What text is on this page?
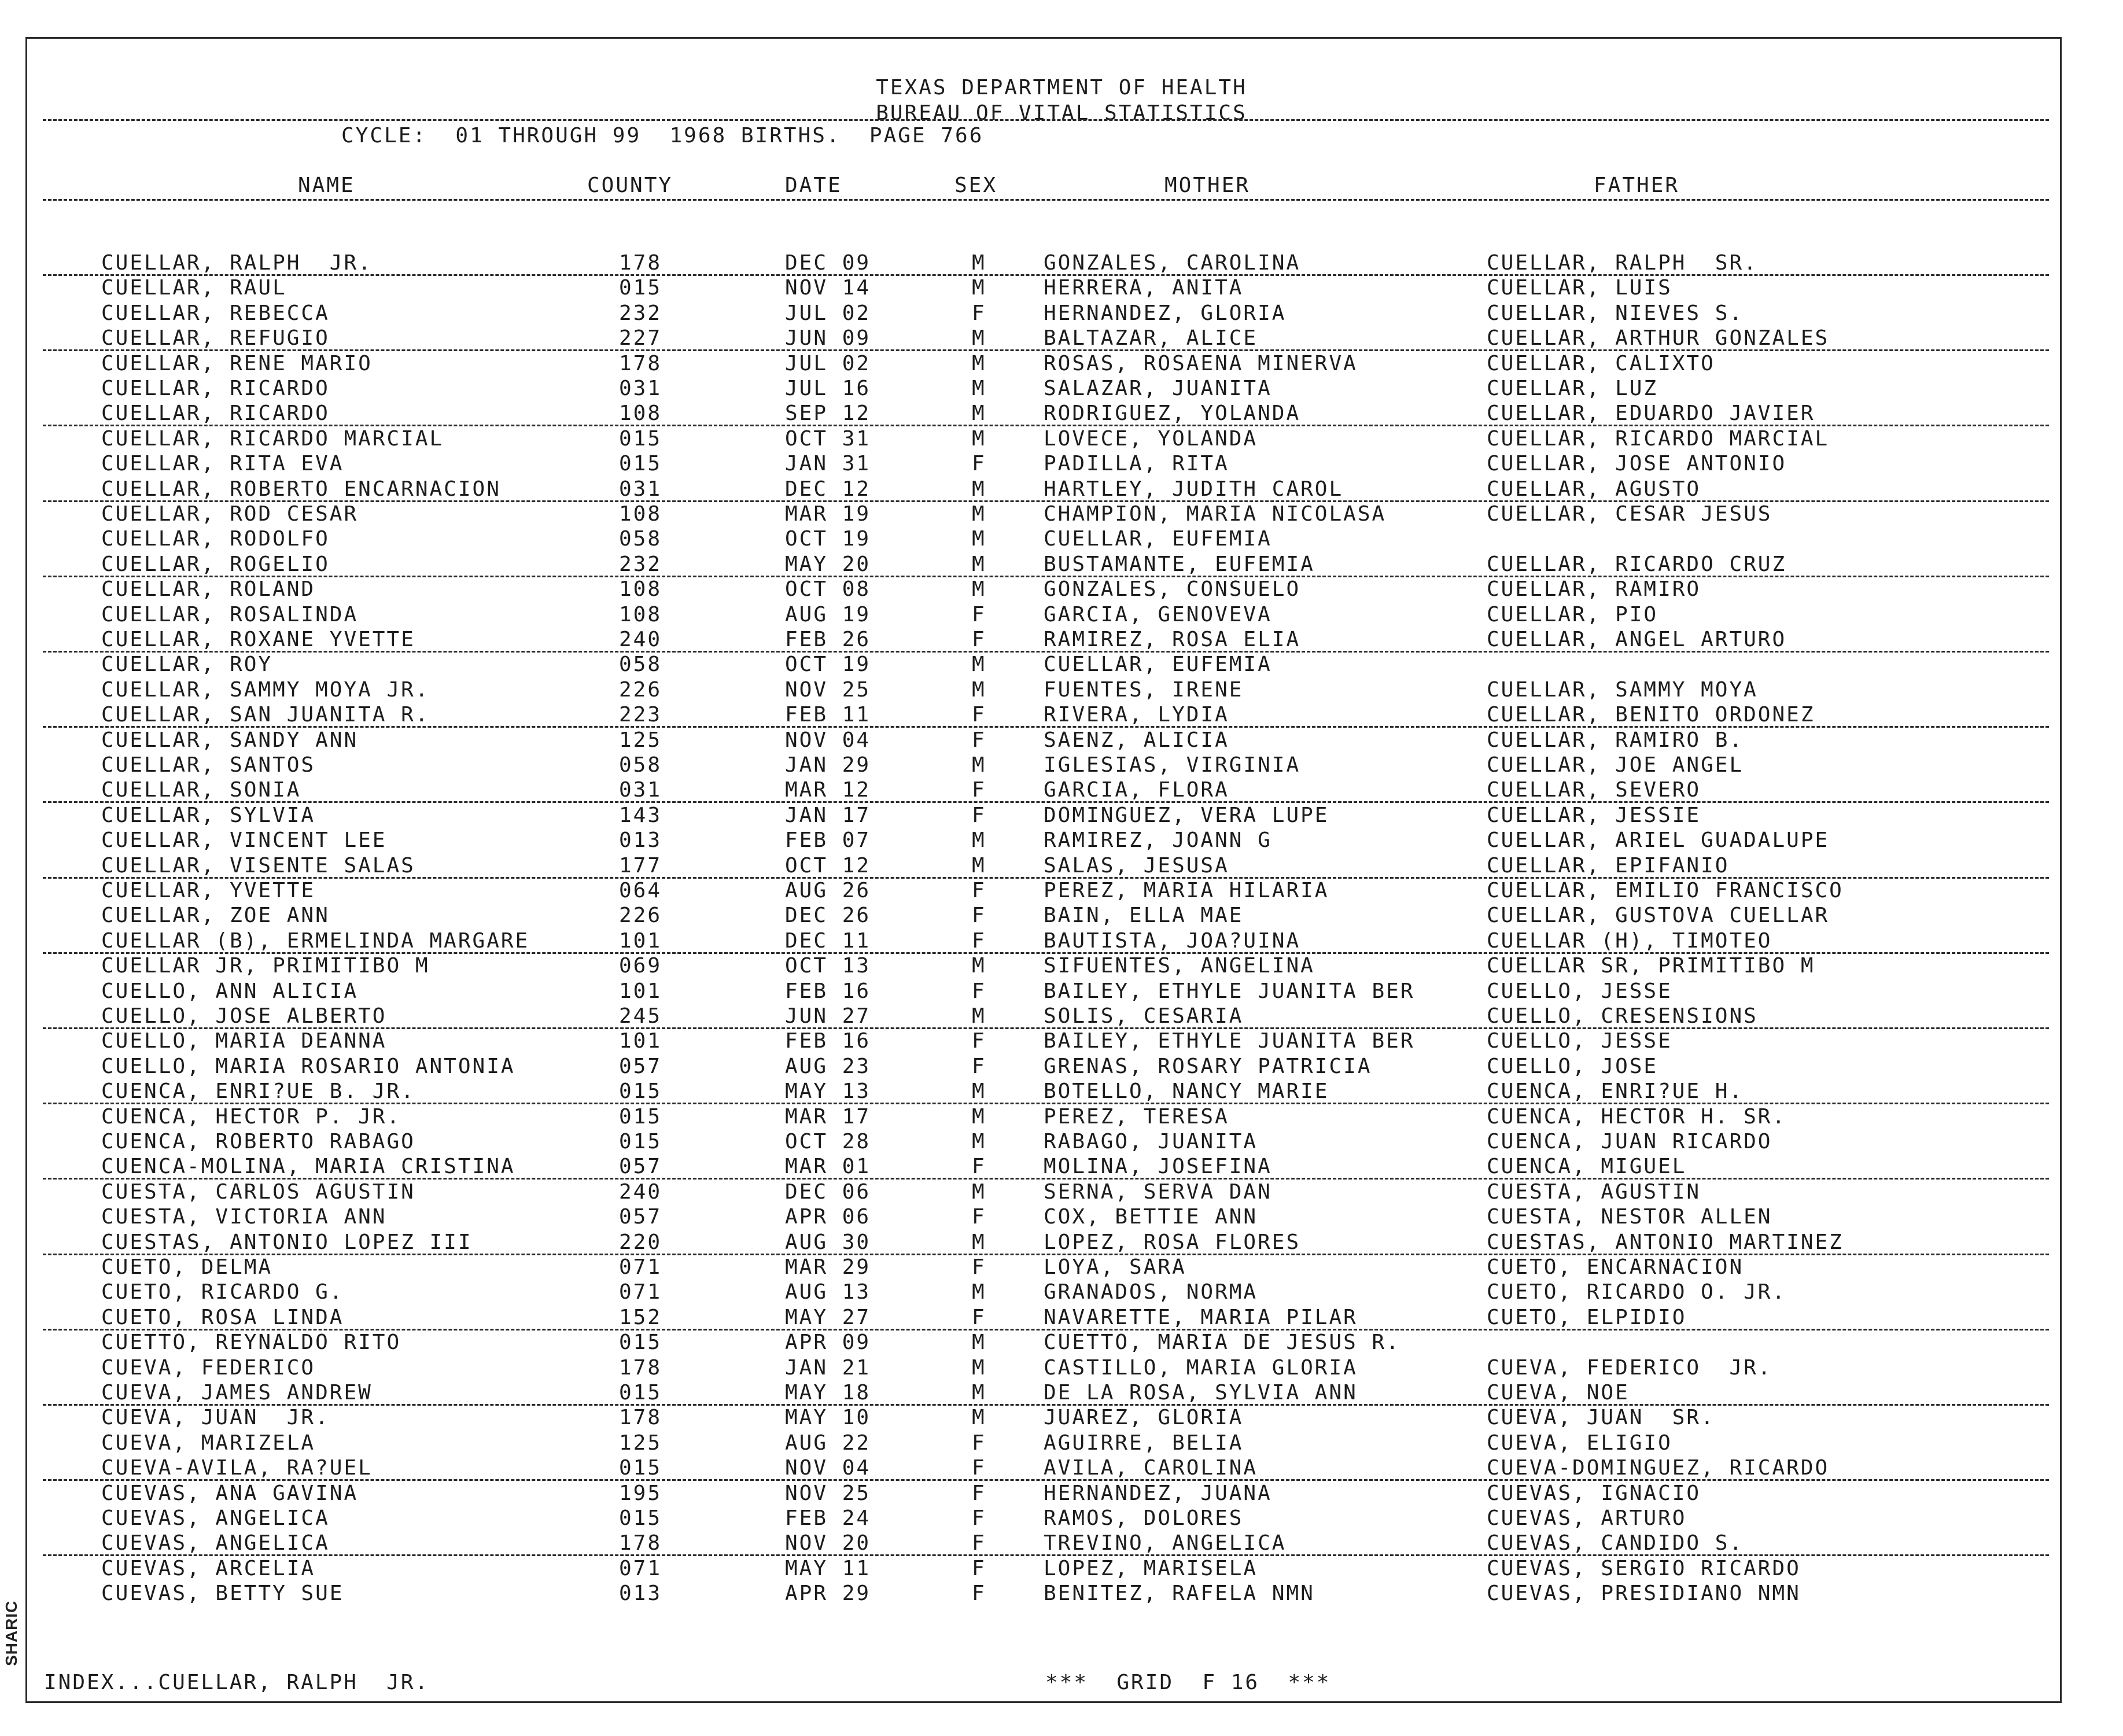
SHARIC
TEXAS DEPARTMENT OF HEALTH
BUREAU OF VITAL STATISTICS
CYCLE:  01 THROUGH 99  1968 BIRTHS.  PAGE 766
NAME	COUNTY	DATE	SEX	MOTHER	FATHER
CUELLAR, RALPH  JR.	178	DEC 09	M	GONZALES, CAROLINA	CUELLAR, RALPH  SR.
CUELLAR, RAUL	015	NOV 14	M	HERRERA, ANITA	CUELLAR, LUIS
CUELLAR, REBECCA	232	JUL 02	F	HERNANDEZ, GLORIA	CUELLAR, NIEVES S.
CUELLAR, REFUGIO	227	JUN 09	M	BALTAZAR, ALICE	CUELLAR, ARTHUR GONZALES
CUELLAR, RENE MARIO	178	JUL 02	M	ROSAS, ROSAENA MINERVA	CUELLAR, CALIXTO
CUELLAR, RICARDO	031	JUL 16	M	SALAZAR, JUANITA	CUELLAR, LUZ
CUELLAR, RICARDO	108	SEP 12	M	RODRIGUEZ, YOLANDA	CUELLAR, EDUARDO JAVIER
CUELLAR, RICARDO MARCIAL	015	OCT 31	M	LOVECE, YOLANDA	CUELLAR, RICARDO MARCIAL
CUELLAR, RITA EVA	015	JAN 31	F	PADILLA, RITA	CUELLAR, JOSE ANTONIO
CUELLAR, ROBERTO ENCARNACION	031	DEC 12	M	HARTLEY, JUDITH CAROL	CUELLAR, AGUSTO
CUELLAR, ROD CESAR	108	MAR 19	M	CHAMPION, MARIA NICOLASA	CUELLAR, CESAR JESUS
CUELLAR, RODOLFO	058	OCT 19	M	CUELLAR, EUFEMIA
CUELLAR, ROGELIO	232	MAY 20	M	BUSTAMANTE, EUFEMIA	CUELLAR, RICARDO CRUZ
CUELLAR, ROLAND	108	OCT 08	M	GONZALES, CONSUELO	CUELLAR, RAMIRO
CUELLAR, ROSALINDA	108	AUG 19	F	GARCIA, GENOVEVA	CUELLAR, PIO
CUELLAR, ROXANE YVETTE	240	FEB 26	F	RAMIREZ, ROSA ELIA	CUELLAR, ANGEL ARTURO
CUELLAR, ROY	058	OCT 19	M	CUELLAR, EUFEMIA
CUELLAR, SAMMY MOYA JR.	226	NOV 25	M	FUENTES, IRENE	CUELLAR, SAMMY MOYA
CUELLAR, SAN JUANITA R.	223	FEB 11	F	RIVERA, LYDIA	CUELLAR, BENITO ORDONEZ
CUELLAR, SANDY ANN	125	NOV 04	F	SAENZ, ALICIA	CUELLAR, RAMIRO B.
CUELLAR, SANTOS	058	JAN 29	M	IGLESIAS, VIRGINIA	CUELLAR, JOE ANGEL
CUELLAR, SONIA	031	MAR 12	F	GARCIA, FLORA	CUELLAR, SEVERO
CUELLAR, SYLVIA	143	JAN 17	F	DOMINGUEZ, VERA LUPE	CUELLAR, JESSIE
CUELLAR, VINCENT LEE	013	FEB 07	M	RAMIREZ, JOANN G	CUELLAR, ARIEL GUADALUPE
CUELLAR, VISENTE SALAS	177	OCT 12	M	SALAS, JESUSA	CUELLAR, EPIFANIO
CUELLAR, YVETTE	064	AUG 26	F	PEREZ, MARIA HILARIA	CUELLAR, EMILIO FRANCISCO
CUELLAR, ZOE ANN	226	DEC 26	F	BAIN, ELLA MAE	CUELLAR, GUSTOVA CUELLAR
CUELLAR (B), ERMELINDA MARGARE	101	DEC 11	F	BAUTISTA, JOA?UINA	CUELLAR (H), TIMOTEO
CUELLAR JR, PRIMITIBO M	069	OCT 13	M	SIFUENTES, ANGELINA	CUELLAR SR, PRIMITIBO M
CUELLO, ANN ALICIA	101	FEB 16	F	BAILEY, ETHYLE JUANITA BER	CUELLO, JESSE
CUELLO, JOSE ALBERTO	245	JUN 27	M	SOLIS, CESARIA	CUELLO, CRESENSIONS
CUELLO, MARIA DEANNA	101	FEB 16	F	BAILEY, ETHYLE JUANITA BER	CUELLO, JESSE
CUELLO, MARIA ROSARIO ANTONIA	057	AUG 23	F	GRENAS, ROSARY PATRICIA	CUELLO, JOSE
CUENCA, ENRI?UE B. JR.	015	MAY 13	M	BOTELLO, NANCY MARIE	CUENCA, ENRI?UE H.
CUENCA, HECTOR P. JR.	015	MAR 17	M	PEREZ, TERESA	CUENCA, HECTOR H. SR.
CUENCA, ROBERTO RABAGO	015	OCT 28	M	RABAGO, JUANITA	CUENCA, JUAN RICARDO
CUENCA-MOLINA, MARIA CRISTINA	057	MAR 01	F	MOLINA, JOSEFINA	CUENCA, MIGUEL
CUESTA, CARLOS AGUSTIN	240	DEC 06	M	SERNA, SERVA DAN	CUESTA, AGUSTIN
CUESTA, VICTORIA ANN	057	APR 06	F	COX, BETTIE ANN	CUESTA, NESTOR ALLEN
CUESTAS, ANTONIO LOPEZ III	220	AUG 30	M	LOPEZ, ROSA FLORES	CUESTAS, ANTONIO MARTINEZ
CUETO, DELMA	071	MAR 29	F	LOYA, SARA	CUETO, ENCARNACION
CUETO, RICARDO G.	071	AUG 13	M	GRANADOS, NORMA	CUETO, RICARDO O. JR.
CUETO, ROSA LINDA	152	MAY 27	F	NAVARETTE, MARIA PILAR	CUETO, ELPIDIO
CUETTO, REYNALDO RITO	015	APR 09	M	CUETTO, MARIA DE JESUS R.
CUEVA, FEDERICO	178	JAN 21	M	CASTILLO, MARIA GLORIA	CUEVA, FEDERICO  JR.
CUEVA, JAMES ANDREW	015	MAY 18	M	DE LA ROSA, SYLVIA ANN	CUEVA, NOE
CUEVA, JUAN  JR.	178	MAY 10	M	JUAREZ, GLORIA	CUEVA, JUAN  SR.
CUEVA, MARIZELA	125	AUG 22	F	AGUIRRE, BELIA	CUEVA, ELIGIO
CUEVA-AVILA, RA?UEL	015	NOV 04	F	AVILA, CAROLINA	CUEVA-DOMINGUEZ, RICARDO
CUEVAS, ANA GAVINA	195	NOV 25	F	HERNANDEZ, JUANA	CUEVAS, IGNACIO
CUEVAS, ANGELICA	015	FEB 24	F	RAMOS, DOLORES	CUEVAS, ARTURO
CUEVAS, ANGELICA	178	NOV 20	F	TREVINO, ANGELICA	CUEVAS, CANDIDO S.
CUEVAS, ARCELIA	071	MAY 11	F	LOPEZ, MARISELA	CUEVAS, SERGIO RICARDO
CUEVAS, BETTY SUE	013	APR 29	F	BENITEZ, RAFELA NMN	CUEVAS, PRESIDIANO NMN
INDEX...CUELLAR, RALPH  JR.	***  GRID  F 16  ***
